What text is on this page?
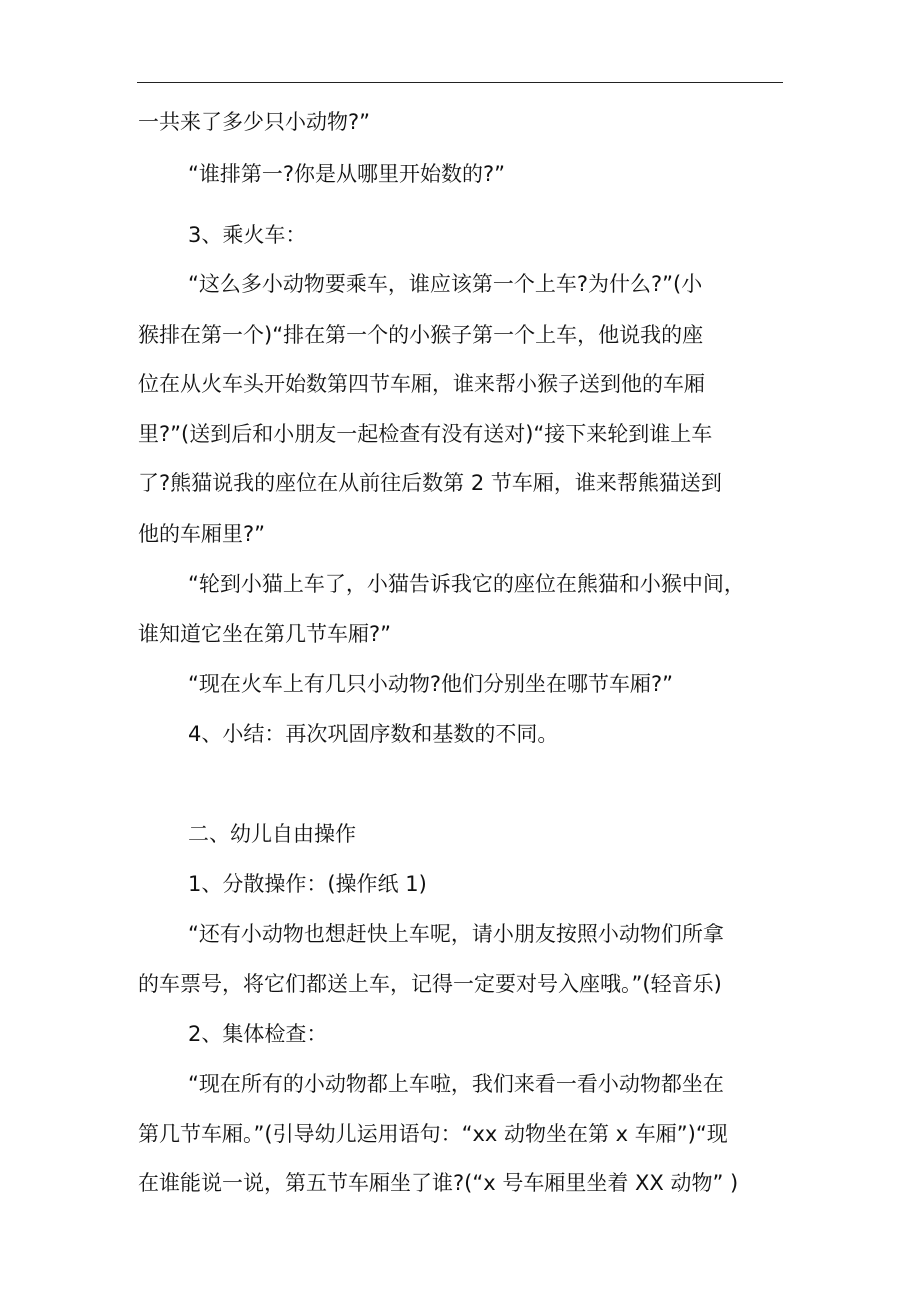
一共来了多少只小动物?”
“谁排第一?你是从哪里开始数的?”
3、乘火车：
“这么多小动物要乘车，谁应该第一个上车?为什么?”(小
猴排在第一个)“排在第一个的小猴子第一个上车，他说我的座
位在从火车头开始数第四节车厢，谁来帮小猴子送到他的车厢
里?”(送到后和小朋友一起检查有没有送对)“接下来轮到谁上车
了?熊猫说我的座位在从前往后数第 2 节车厢，谁来帮熊猫送到
他的车厢里?”
“轮到小猫上车了，小猫告诉我它的座位在熊猫和小猴中间，
谁知道它坐在第几节车厢?”
“现在火车上有几只小动物?他们分别坐在哪节车厢?”
4、小结：再次巩固序数和基数的不同。
二、幼儿自由操作
1、分散操作：(操作纸 1)
“还有小动物也想赶快上车呢，请小朋友按照小动物们所拿
的车票号，将它们都送上车，记得一定要对号入座哦。”(轻音乐)
2、集体检查：
“现在所有的小动物都上车啦，我们来看一看小动物都坐在
第几节车厢。”(引导幼儿运用语句：“xx 动物坐在第 x 车厢”)“现
在谁能说一说，第五节车厢坐了谁?(“x 号车厢里坐着 XX 动物” )
